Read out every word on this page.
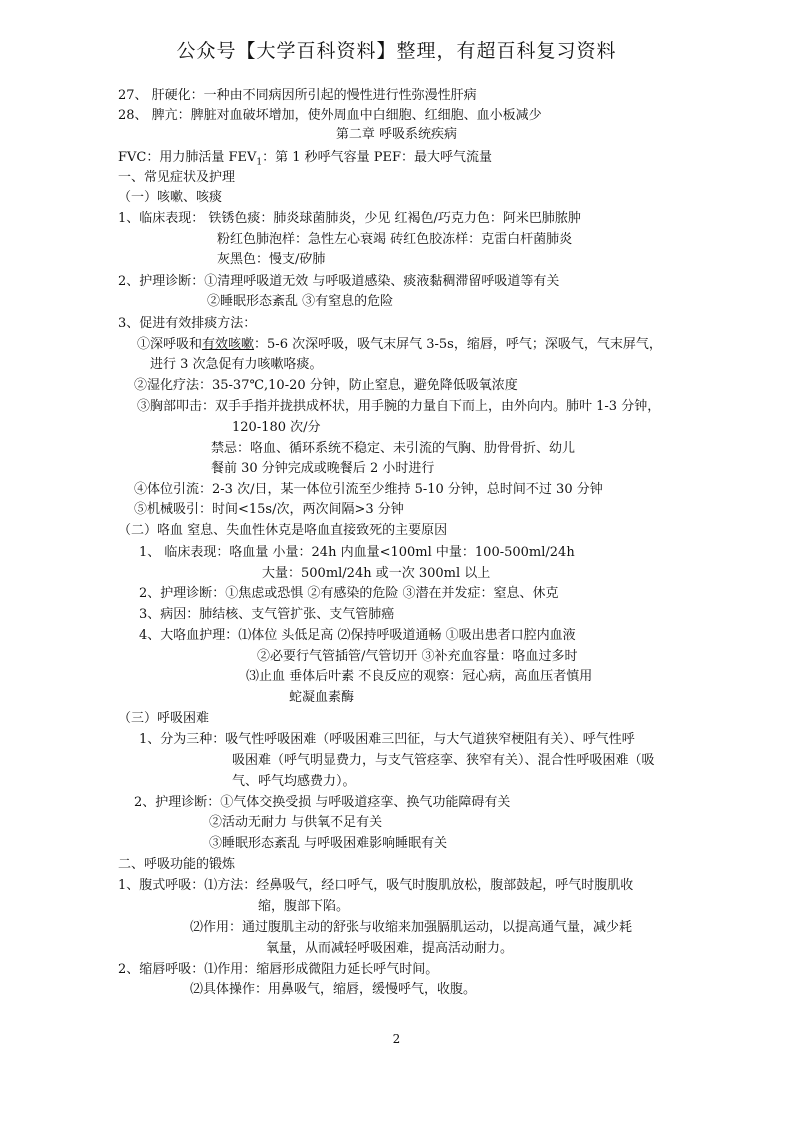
公众号【大学百科资料】整理，有超百科复习资料
27、 肝硬化：一种由不同病因所引起的慢性进行性弥漫性肝病
28、 脾亢：脾脏对血破坏增加，使外周血中白细胞、红细胞、血小板减少
第二章 呼吸系统疾病
FVC：用力肺活量 $FEV_1$：第 1 秒呼气容量 PEF：最大呼气流量
一、常见症状及护理
（一）咳嗽、咳痰
1、临床表现： 铁锈色痰：肺炎球菌肺炎，少见 红褐色/巧克力色：阿米巴肺脓肿
粉红色肺泡样：急性左心衰竭 砖红色胶冻样：克雷白杆菌肺炎
灰黑色：慢支/矽肺
2、护理诊断：①清理呼吸道无效 与呼吸道感染、痰液黏稠滞留呼吸道等有关
②睡眠形态紊乱 ③有窒息的危险
3、促进有效排痰方法：
①深呼吸和有效咳嗽：5-6 次深呼吸，吸气末屏气 3-5s，缩唇，呼气；深吸气，气末屏气，
进行 3 次急促有力咳嗽咯痰。
②湿化疗法：35-37℃,10-20 分钟，防止窒息，避免降低吸氧浓度
③胸部叩击：双手手指并拢拱成杯状，用手腕的力量自下而上，由外向内。肺叶 1-3 分钟，
120-180 次/分
禁忌：咯血、循环系统不稳定、未引流的气胸、肋骨骨折、幼儿
餐前 30 分钟完成或晚餐后 2 小时进行
④体位引流：2-3 次/日，某一体位引流至少维持 5-10 分钟，总时间不过 30 分钟
⑤机械吸引：时间<15s/次，两次间隔>3 分钟
（二）咯血 窒息、失血性休克是咯血直接致死的主要原因
1、 临床表现：咯血量 小量：24h 内血量<100ml 中量：100-500ml/24h
大量：500ml/24h 或一次 300ml 以上
2、护理诊断：①焦虑或恐惧 ②有感染的危险 ③潜在并发症：窒息、休克
3、病因：肺结核、支气管扩张、支气管肺癌
4、大咯血护理：⑴体位 头低足高 ⑵保持呼吸道通畅 ①吸出患者口腔内血液
②必要行气管插管/气管切开 ③补充血容量：咯血过多时
⑶止血 垂体后叶素 不良反应的观察：冠心病，高血压者慎用
蛇凝血素酶
（三）呼吸困难
1、分为三种：吸气性呼吸困难（呼吸困难三凹征，与大气道狭窄梗阻有关）、呼气性呼
吸困难（呼气明显费力，与支气管痉挛、狭窄有关）、混合性呼吸困难（吸
气、呼气均感费力）。
2、护理诊断：①气体交换受损 与呼吸道痉挛、换气功能障碍有关
②活动无耐力 与供氧不足有关
③睡眠形态紊乱 与呼吸困难影响睡眠有关
二、呼吸功能的锻炼
1、腹式呼吸：⑴方法：经鼻吸气，经口呼气，吸气时腹肌放松，腹部鼓起，呼气时腹肌收
缩，腹部下陷。
⑵作用：通过腹肌主动的舒张与收缩来加强膈肌运动，以提高通气量，减少耗
氧量，从而减轻呼吸困难，提高活动耐力。
2、缩唇呼吸：⑴作用：缩唇形成微阻力延长呼气时间。
⑵具体操作：用鼻吸气，缩唇，缓慢呼气，收腹。
2
